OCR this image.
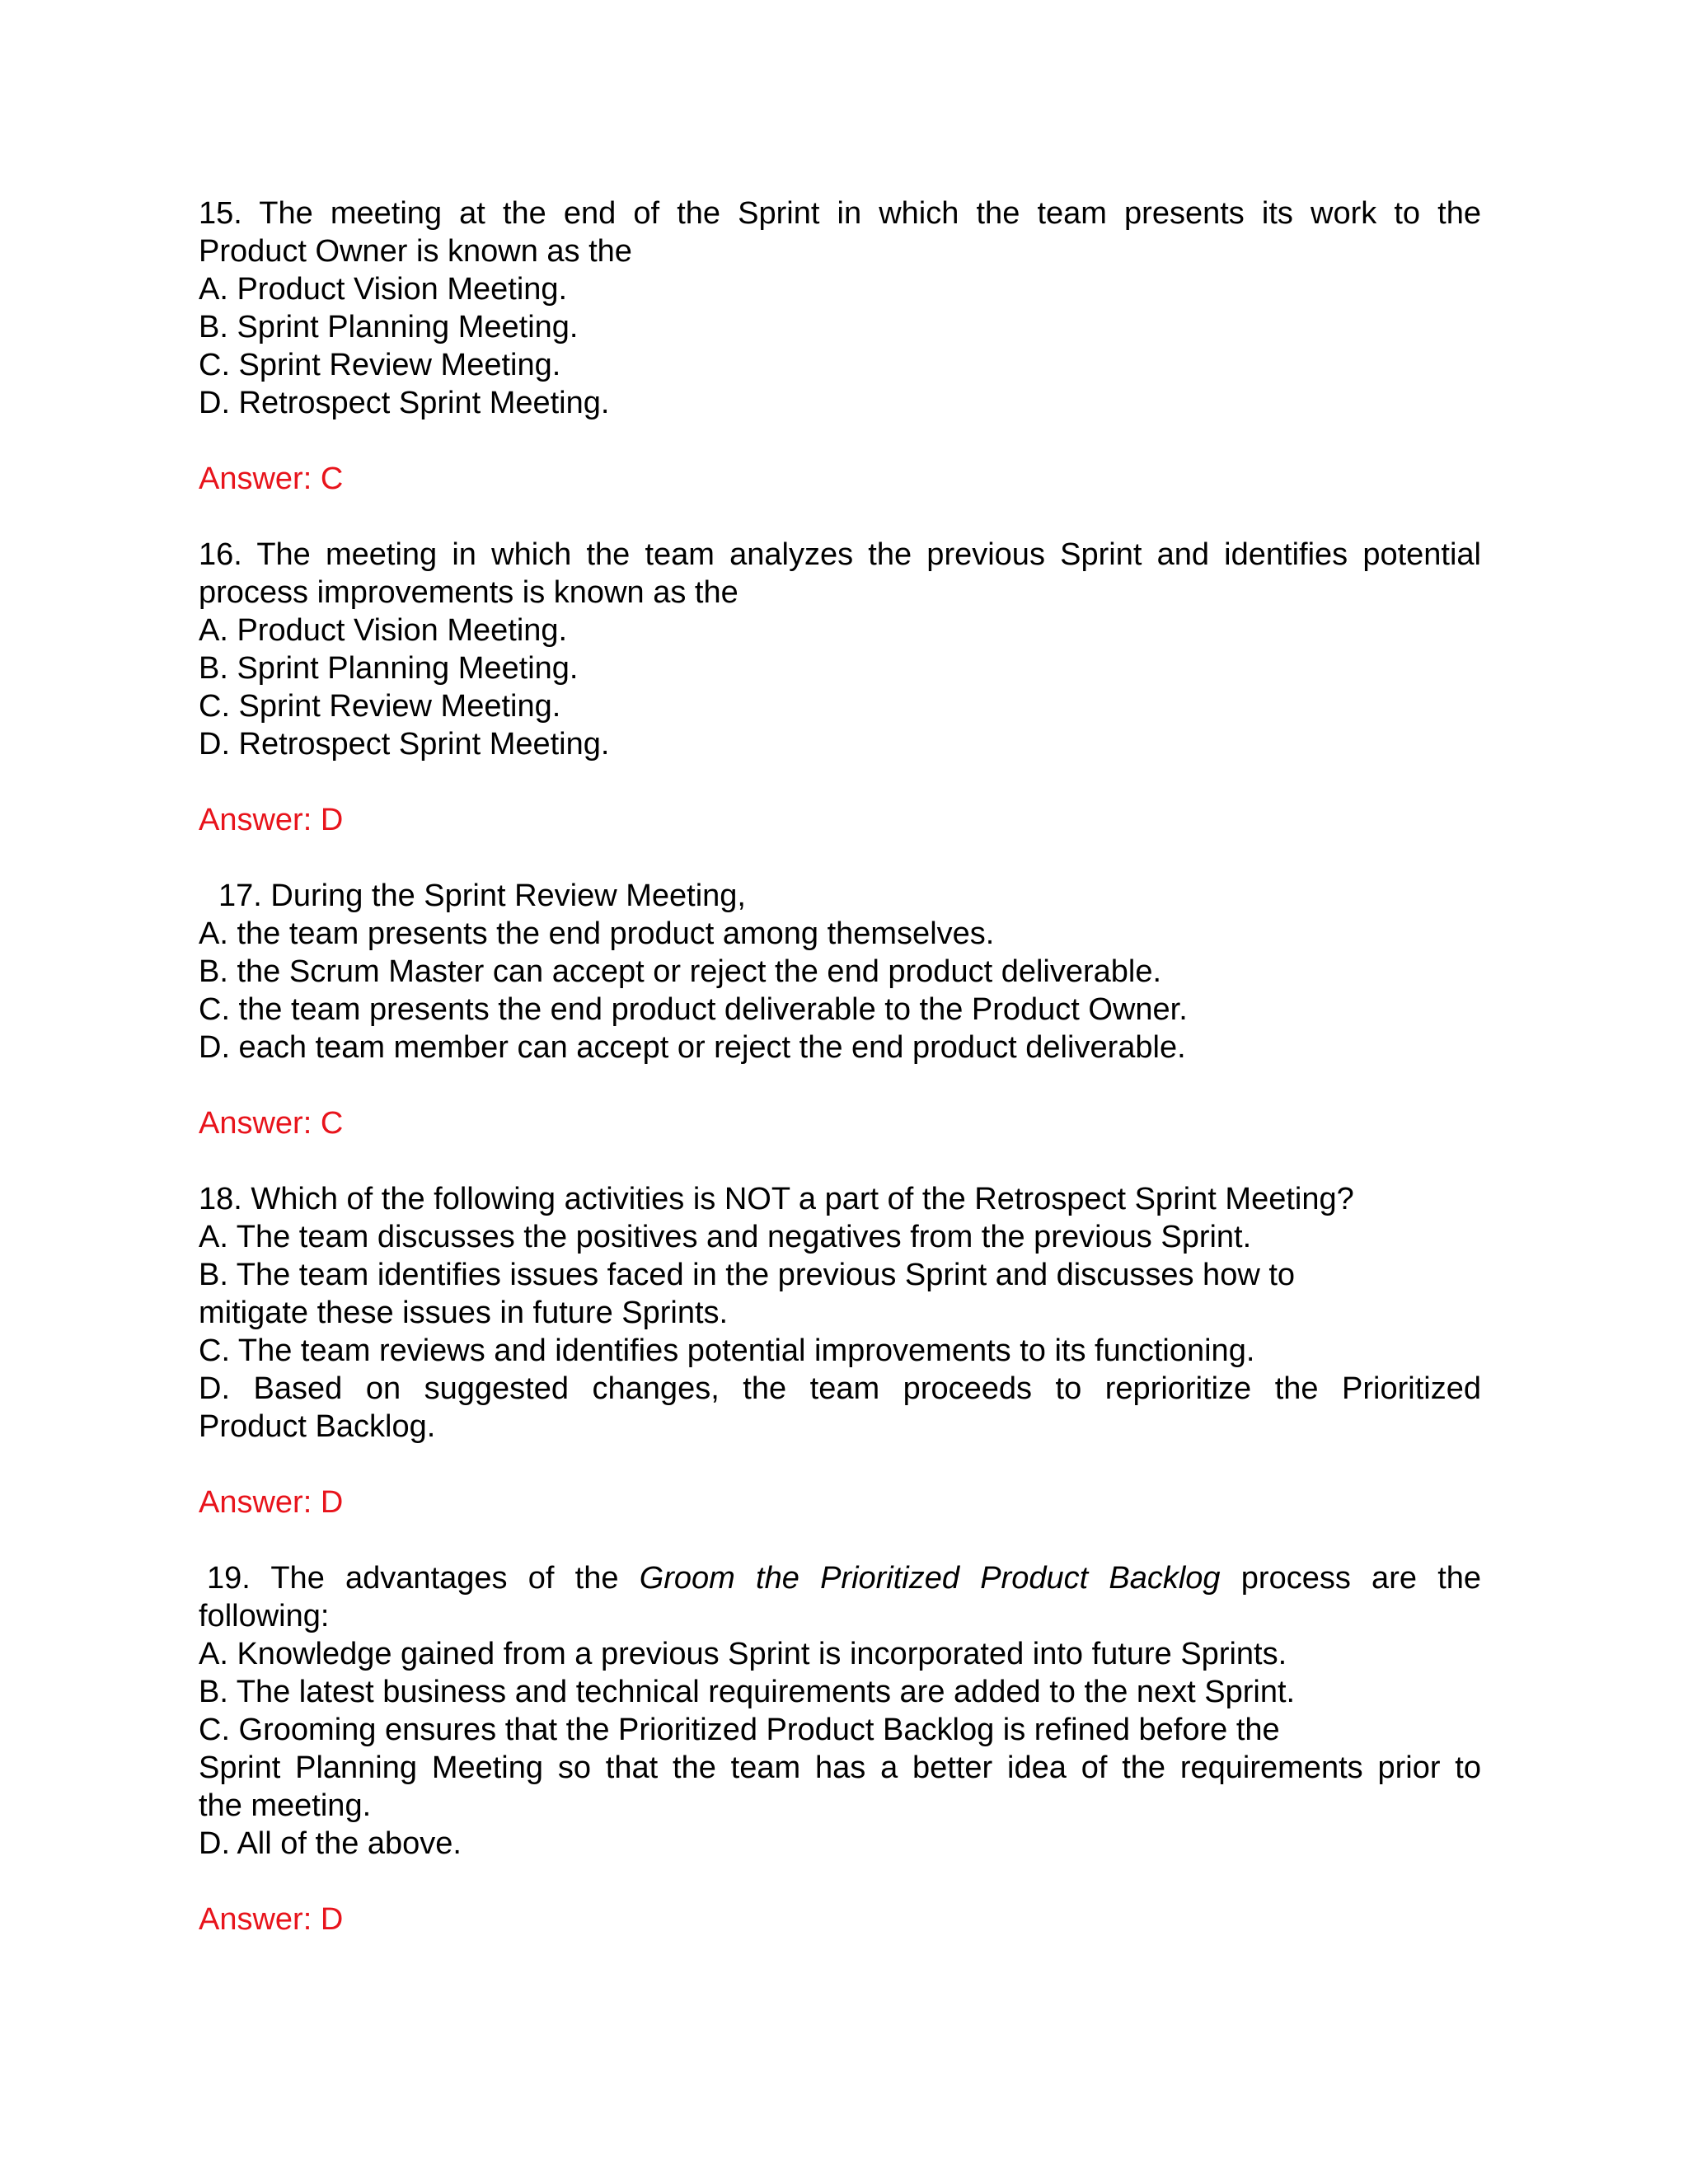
15. The meeting at the end of the Sprint in which the team presents its work to the
Product Owner is known as the
A. Product Vision Meeting.
B. Sprint Planning Meeting.
C. Sprint Review Meeting.
D. Retrospect Sprint Meeting.
Answer: C
16. The meeting in which the team analyzes the previous Sprint and identifies potential
process improvements is known as the
A. Product Vision Meeting.
B. Sprint Planning Meeting.
C. Sprint Review Meeting.
D. Retrospect Sprint Meeting.
Answer: D
17. During the Sprint Review Meeting,
A. the team presents the end product among themselves.
B. the Scrum Master can accept or reject the end product deliverable.
C. the team presents the end product deliverable to the Product Owner.
D. each team member can accept or reject the end product deliverable.
Answer: C
18. Which of the following activities is NOT a part of the Retrospect Sprint Meeting?
A. The team discusses the positives and negatives from the previous Sprint.
B. The team identifies issues faced in the previous Sprint and discusses how to
mitigate these issues in future Sprints.
C. The team reviews and identifies potential improvements to its functioning.
D. Based on suggested changes, the team proceeds to reprioritize the Prioritized
Product Backlog.
Answer: D
19. The advantages of the Groom the Prioritized Product Backlog process are the
following:
A. Knowledge gained from a previous Sprint is incorporated into future Sprints.
B. The latest business and technical requirements are added to the next Sprint.
C. Grooming ensures that the Prioritized Product Backlog is refined before the
Sprint Planning Meeting so that the team has a better idea of the requirements prior to
the meeting.
D. All of the above.
Answer: D
